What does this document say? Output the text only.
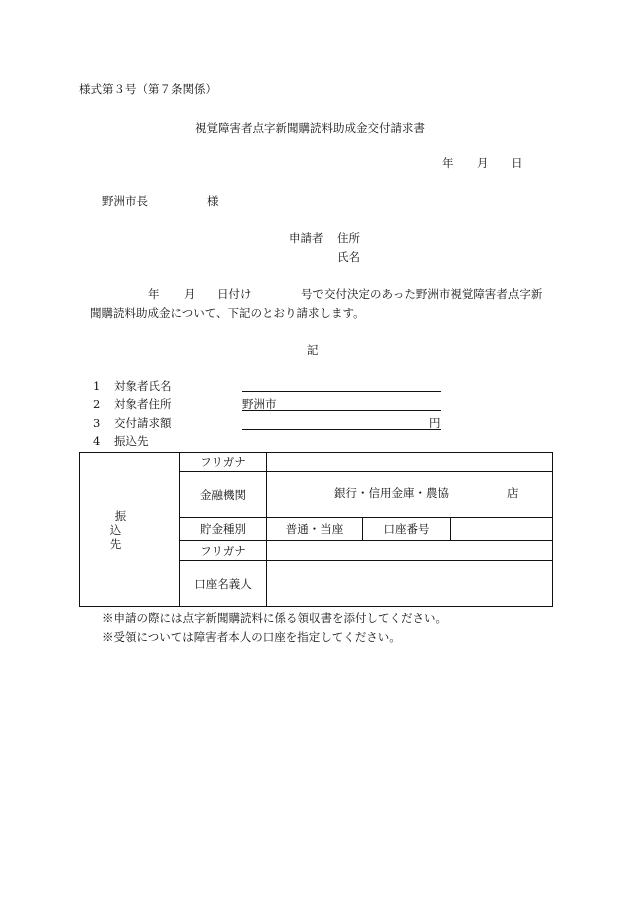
様式第３号（第７条関係）
視覚障害者点字新聞購読料助成金交付請求書
年 月 日
野洲市長	様
申請者 住所
氏名
年 月 日付け	号で交付決定のあった野洲市視覚障害者点字新
聞購読料助成金について、下記のとおり請求します。
記
1 対象者氏名
2 対象者住所	野洲市
3 交付請求額	円
4 振込先
振 込 先	フリガナ			
	金融機関	銀行・信用金庫・農協 店		

	貯金種別	普通・当座	口座番号	
	フリガナ			
	口座名義人			
※申請の際には点字新聞購読料に係る領収書を添付してください。
※受領については障害者本人の口座を指定してください。
